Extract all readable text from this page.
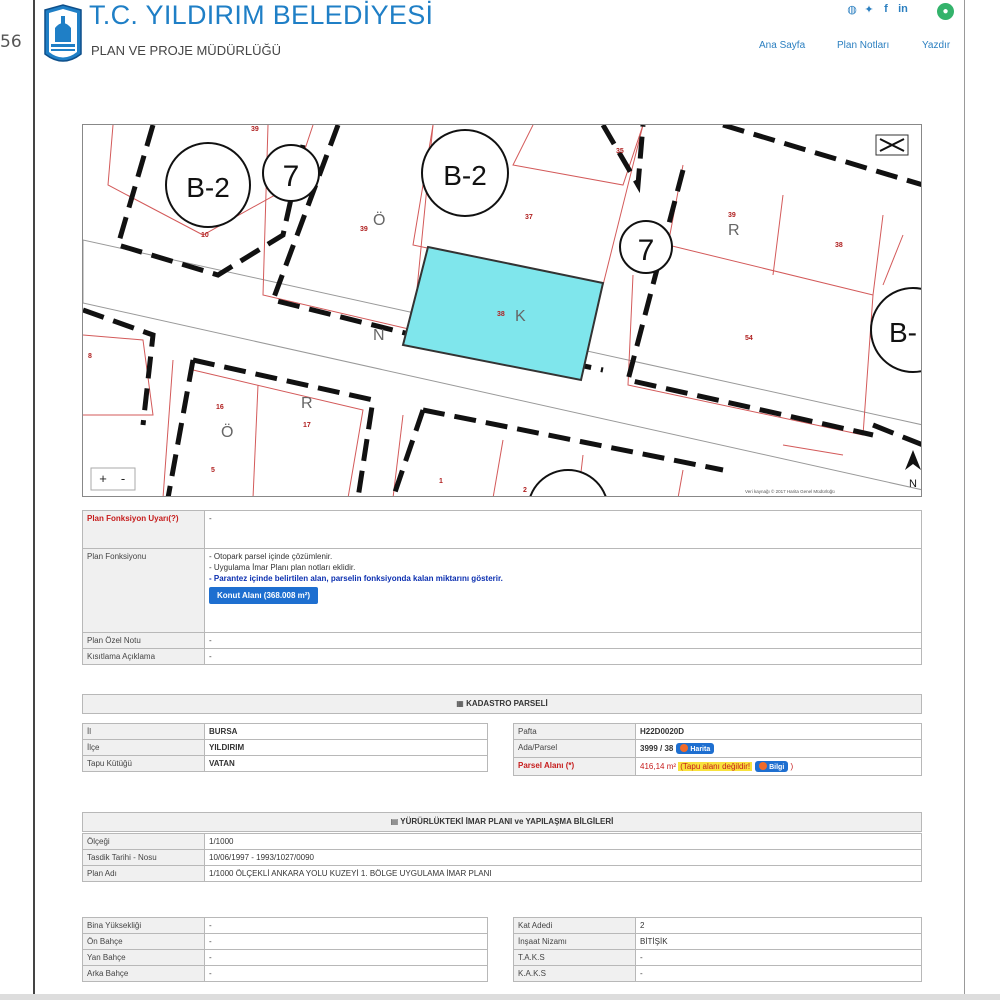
56
T.C. YILDIRIM BELEDİYESİ
PLAN VE PROJE MÜDÜRLÜĞÜ
◍ ✦ f in	●
Ana Sayfa	Plan Notları	Yazdır
B-2	B-2
B-
7
7
R
Ö
N
R
Ö
K
39
10
39
37
38
39
38
35
54
8
16
17
5
1
2
N
+ -
Veri kaynağı © 2017 Harita Genel Müdürlüğü
Plan Fonksiyon Uyarı(?)	-
Plan Fonksiyonu	- Otopark parsel içinde çözümlenir.
- Uygulama İmar Planı plan notları eklidir.
- Parantez içinde belirtilen alan, parselin fonksiyonda kalan miktarını gösterir.
Konut Alanı (368.008 m²)
Plan Özel Notu	-
Kısıtlama Açıklama	-
▦ KADASTRO PARSELİ
İl	BURSA
İlçe	YILDIRIM
Tapu Kütüğü	VATAN
Pafta	H22D0020D
Ada/Parsel	3999 / 38 Harita
Parsel Alanı (*)	416,14 m² (Tapu alanı değildir! Bilgi )
▤ YÜRÜRLÜKTEKİ İMAR PLANI ve YAPILAŞMA BİLGİLERİ
Ölçeği	1/1000
Tasdik Tarihi - Nosu	10/06/1997 - 1993/1027/0090
Plan Adı	1/1000 ÖLÇEKLİ ANKARA YOLU KUZEYİ 1. BÖLGE UYGULAMA İMAR PLANI
Bina Yüksekliği	-
Ön Bahçe	-
Yan Bahçe	-
Arka Bahçe	-
Kat Adedi	2
İnşaat Nizamı	BİTİŞİK
T.A.K.S	-
K.A.K.S	-
